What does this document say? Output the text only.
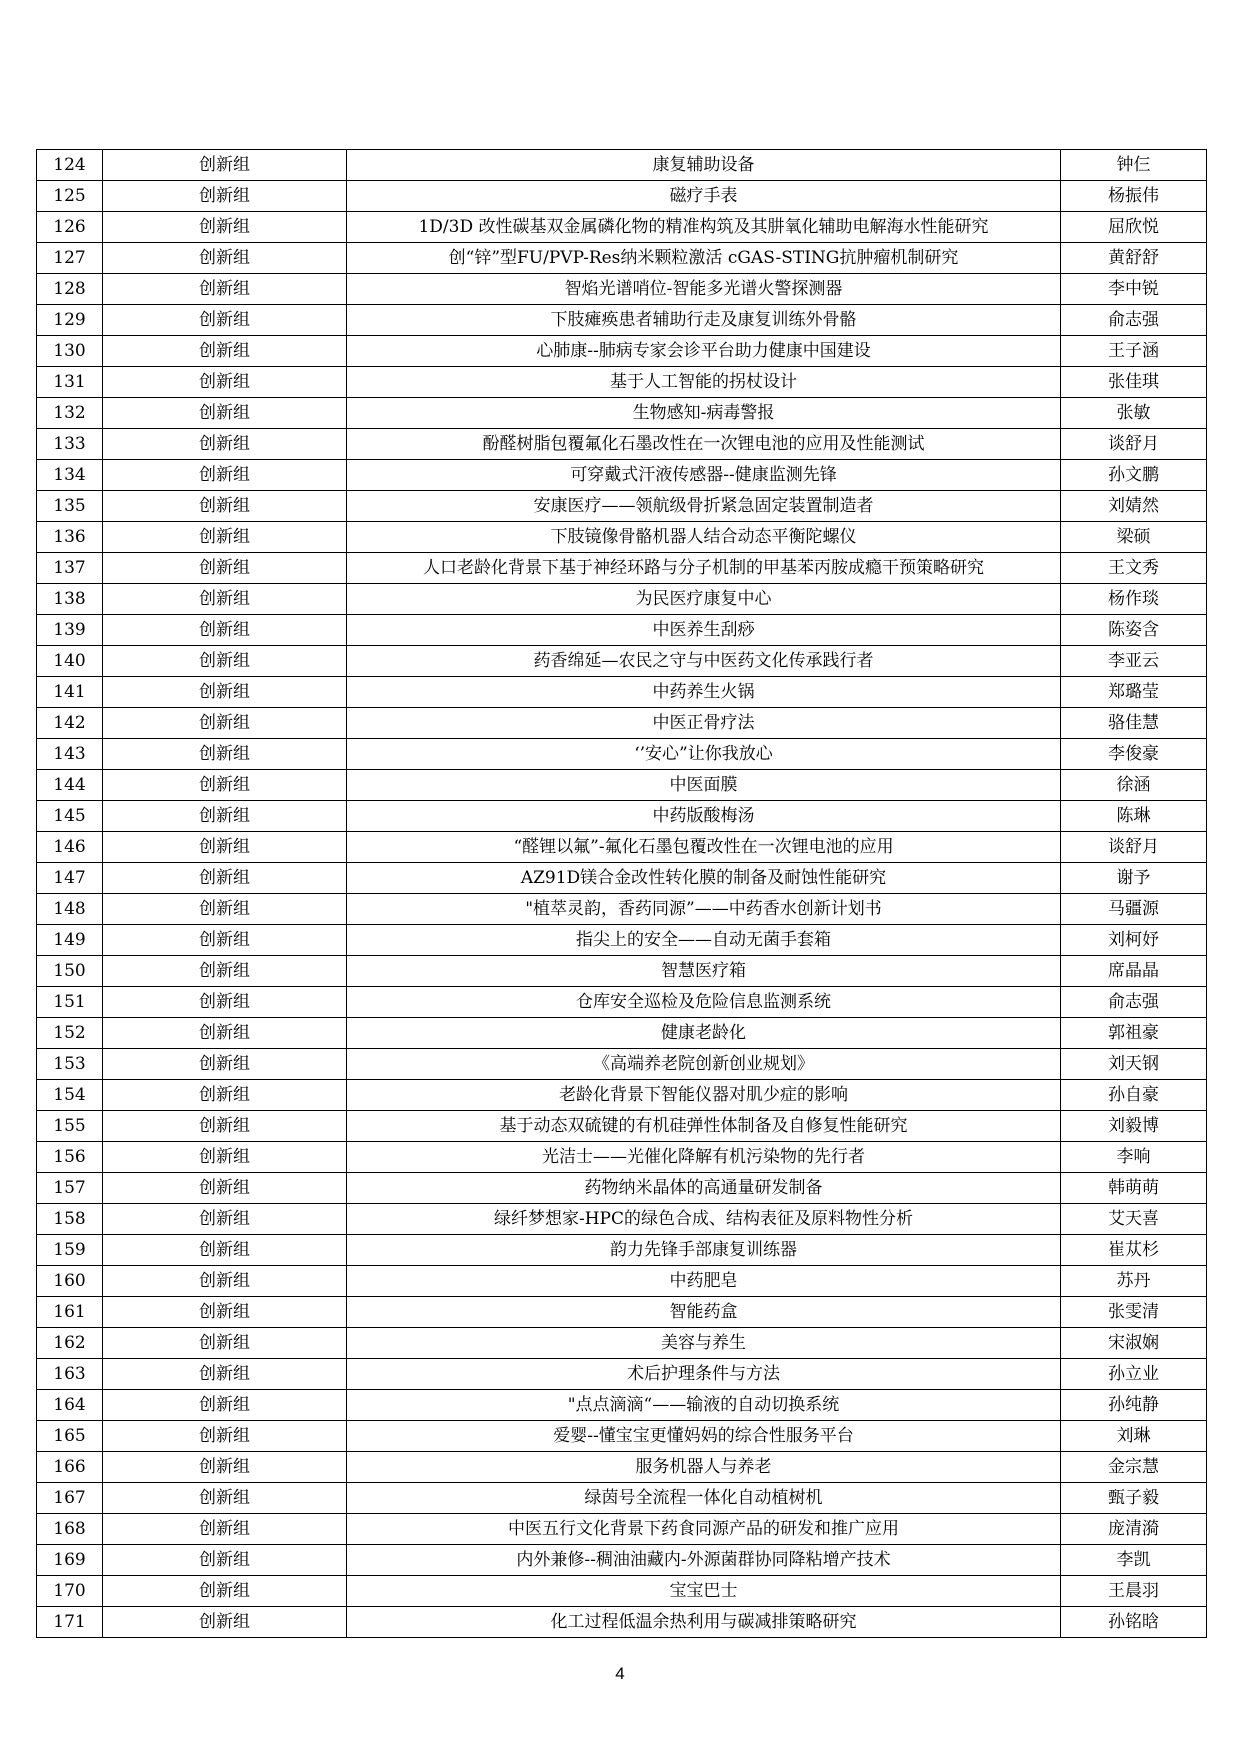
124	创新组	康复辅助设备	钟仨
125	创新组	磁疗手表	杨振伟
126	创新组	1D/3D 改性碳基双金属磷化物的精准构筑及其肼氧化辅助电解海水性能研究	屈欣悦
127	创新组	创“锌”型FU/PVP-Res纳米颗粒激活 cGAS-STING抗肿瘤机制研究	黄舒舒
128	创新组	智焰光谱哨位-智能多光谱火警探测器	李中锐
129	创新组	下肢瘫痪患者辅助行走及康复训练外骨骼	俞志强
130	创新组	心肺康--肺病专家会诊平台助力健康中国建设	王子涵
131	创新组	基于人工智能的拐杖设计	张佳琪
132	创新组	生物感知-病毒警报	张敏
133	创新组	酚醛树脂包覆氟化石墨改性在一次锂电池的应用及性能测试	谈舒月
134	创新组	可穿戴式汗液传感器--健康监测先锋	孙文鹏
135	创新组	安康医疗——领航级骨折紧急固定装置制造者	刘婧然
136	创新组	下肢镜像骨骼机器人结合动态平衡陀螺仪	梁硕
137	创新组	人口老龄化背景下基于神经环路与分子机制的甲基苯丙胺成瘾干预策略研究	王文秀
138	创新组	为民医疗康复中心	杨作琰
139	创新组	中医养生刮痧	陈姿含
140	创新组	药香绵延—农民之守与中医药文化传承践行者	李亚云
141	创新组	中药养生火锅	郑璐莹
142	创新组	中医正骨疗法	骆佳慧
143	创新组	‘’安心”让你我放心	李俊豪
144	创新组	中医面膜	徐涵
145	创新组	中药版酸梅汤	陈琳
146	创新组	“醛锂以氟”-氟化石墨包覆改性在一次锂电池的应用	谈舒月
147	创新组	AZ91D镁合金改性转化膜的制备及耐蚀性能研究	谢予
148	创新组	"植萃灵韵，香药同源”——中药香水创新计划书	马疆源
149	创新组	指尖上的安全——自动无菌手套箱	刘柯妤
150	创新组	智慧医疗箱	席晶晶
151	创新组	仓库安全巡检及危险信息监测系统	俞志强
152	创新组	健康老龄化	郭祖豪
153	创新组	《高端养老院创新创业规划》	刘天钢
154	创新组	老龄化背景下智能仪器对肌少症的影响	孙自豪
155	创新组	基于动态双硫键的有机硅弹性体制备及自修复性能研究	刘毅博
156	创新组	光洁士——光催化降解有机污染物的先行者	李响
157	创新组	药物纳米晶体的高通量研发制备	韩萌萌
158	创新组	绿纤梦想家-HPC的绿色合成、结构表征及原料物性分析	艾天喜
159	创新组	韵力先锋手部康复训练器	崔苁杉
160	创新组	中药肥皂	苏丹
161	创新组	智能药盒	张雯清
162	创新组	美容与养生	宋淑娴
163	创新组	术后护理条件与方法	孙立业
164	创新组	"点点滴滴“——输液的自动切换系统	孙纯静
165	创新组	爱婴--懂宝宝更懂妈妈的综合性服务平台	刘琳
166	创新组	服务机器人与养老	金宗慧
167	创新组	绿茵号全流程一体化自动植树机	甄子毅
168	创新组	中医五行文化背景下药食同源产品的研发和推广应用	庞清漪
169	创新组	内外兼修--稠油油藏内-外源菌群协同降粘增产技术	李凯
170	创新组	宝宝巴士	王晨羽
171	创新组	化工过程低温余热利用与碳减排策略研究	孙铭晗
4
